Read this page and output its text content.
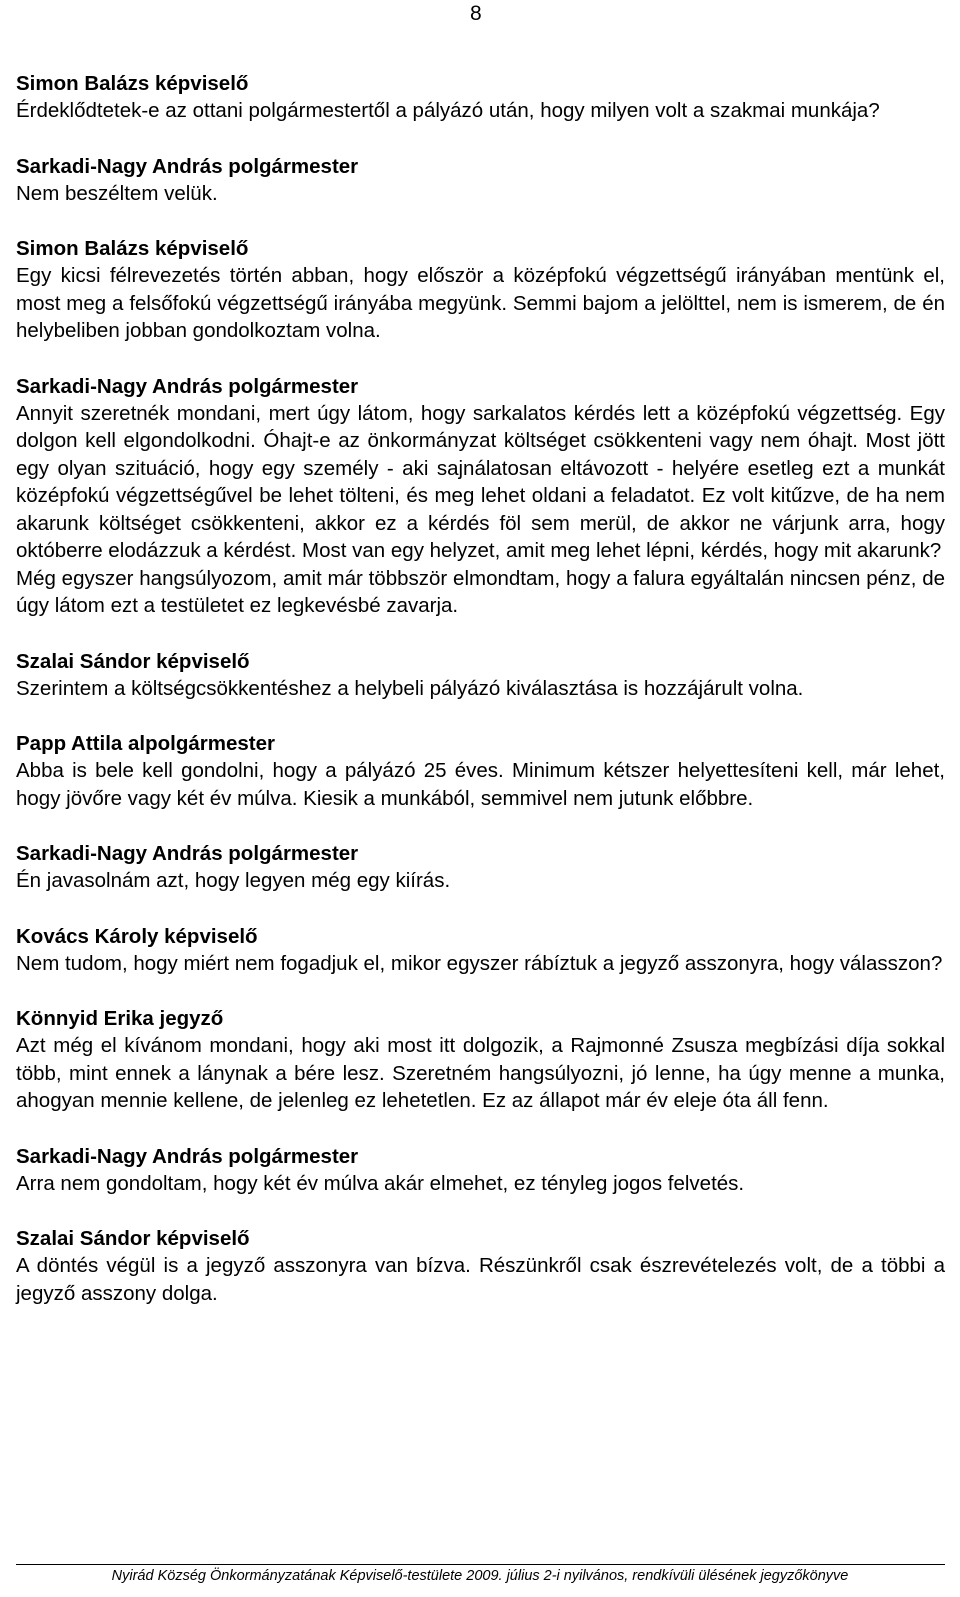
8

Simon Balázs képviselő

Érdeklődtetek-e az ottani polgármestertől a pályázó után, hogy milyen volt a szakmai munkája?

Sarkadi-Nagy András polgármester

Nem beszéltem velük.

Simon Balázs képviselő

Egy kicsi félrevezetés történ abban, hogy először a középfokú végzettségű irányában mentünk el, most meg a felsőfokú végzettségű irányába megyünk. Semmi bajom a jelölttel, nem is ismerem, de én helybeliben jobban gondolkoztam volna.

Sarkadi-Nagy András polgármester

Annyit szeretnék mondani, mert úgy látom, hogy sarkalatos kérdés lett a középfokú végzettség. Egy dolgon kell elgondolkodni. Óhajt-e az önkormányzat költséget csökkenteni vagy nem óhajt. Most jött egy olyan szituáció, hogy egy személy - aki sajnálatosan eltávozott - helyére esetleg ezt a munkát középfokú végzettségűvel be lehet tölteni, és meg lehet oldani a feladatot. Ez volt kitűzve, de ha nem akarunk költséget csökkenteni, akkor ez a kérdés föl sem merül, de akkor ne várjunk arra, hogy októberre elodázzuk a kérdést. Most van egy helyzet, amit meg lehet lépni, kérdés, hogy mit akarunk?

Még egyszer hangsúlyozom, amit már többször elmondtam, hogy a falura egyáltalán nincsen pénz, de úgy látom ezt a testületet ez legkevésbé zavarja.

Szalai Sándor képviselő

Szerintem a költségcsökkentéshez a helybeli pályázó kiválasztása is hozzájárult volna.

Papp Attila alpolgármester

Abba is bele kell gondolni, hogy a pályázó 25 éves. Minimum kétszer helyettesíteni kell, már lehet, hogy jövőre vagy két év múlva. Kiesik a munkából, semmivel nem jutunk előbbre.

Sarkadi-Nagy András polgármester

Én javasolnám azt, hogy legyen még egy kiírás.

Kovács Károly képviselő

Nem tudom, hogy miért nem fogadjuk el, mikor egyszer rábíztuk a jegyző asszonyra, hogy válasszon?

Könnyid Erika jegyző

Azt még el kívánom mondani, hogy aki most itt dolgozik, a Rajmonné Zsusza megbízási díja sokkal több, mint ennek a lánynak a bére lesz. Szeretném hangsúlyozni, jó lenne, ha úgy menne a munka, ahogyan mennie kellene, de jelenleg ez lehetetlen. Ez az állapot már év eleje óta áll fenn.

Sarkadi-Nagy András polgármester

Arra nem gondoltam, hogy két év múlva akár elmehet, ez tényleg jogos felvetés.

Szalai Sándor képviselő

A döntés végül is a jegyző asszonyra van bízva. Részünkről csak észrevételezés volt, de a többi a jegyző asszony dolga.

Nyirád Község Önkormányzatának Képviselő-testülete 2009. július 2-i nyilvános, rendkívüli ülésének jegyzőkönyve
